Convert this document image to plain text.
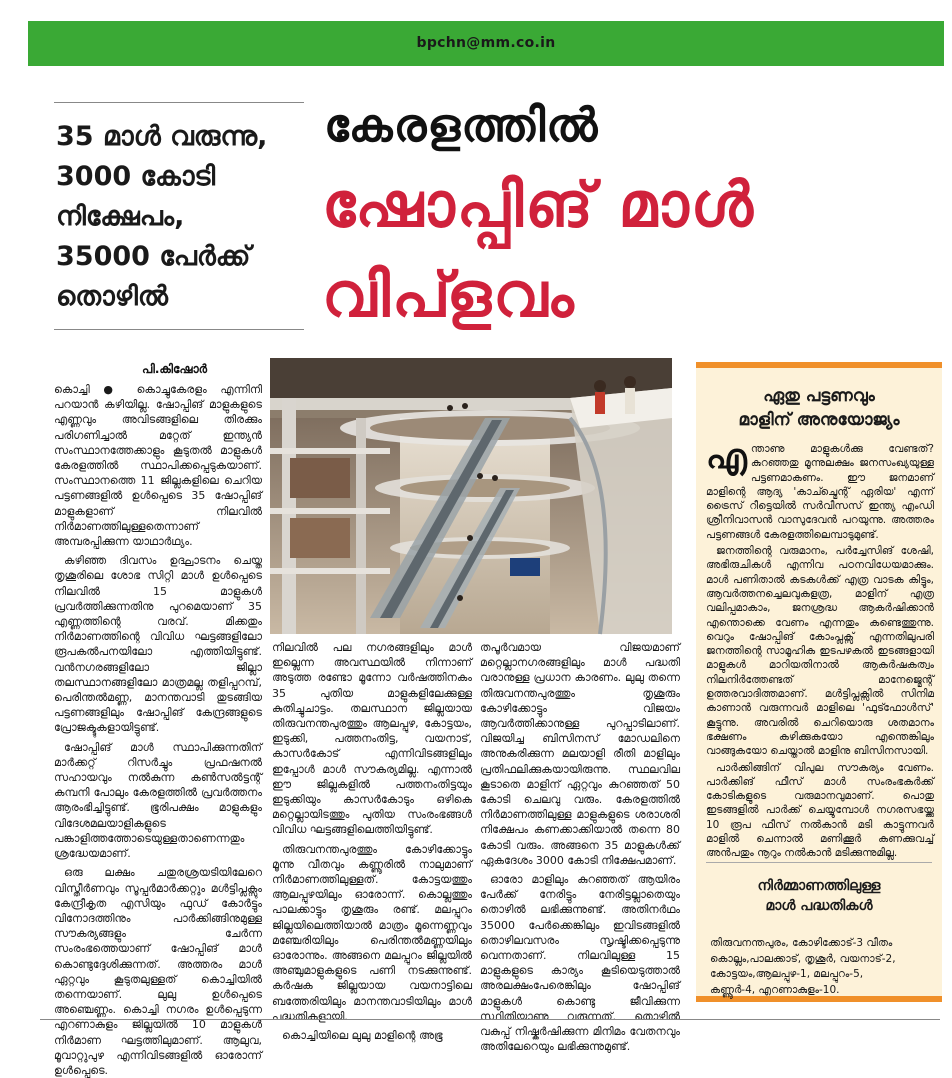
bpchn@mm.co.in
35 മാൾ വരുന്നു,
3000 കോടി
നിക്ഷേപം,
35000 പേർക്ക്
തൊഴിൽ
കേരളത്തിൽ
ഷോപ്പിങ് മാൾ
വിപ്ളവം
പി.കിഷോർ

കൊച്ചി ● കൊച്ചുകേരളം എന്നിനി പറയാൻ കഴിയില്ല. ഷോപ്പിങ് മാളുകളുടെ എണ്ണവും അവിടങ്ങളിലെ തിരക്കും പരിഗണിച്ചാൽ മറ്റേത് ഇന്ത്യൻ സംസ്ഥാനത്തേക്കാളും കൂടുതൽ മാളുകൾ കേരളത്തിൽ സ്ഥാപിക്കപ്പെടുകയാണ്. സംസ്ഥാനത്തെ 11 ജില്ലകളിലെ ചെറിയ പട്ടണങ്ങളിൽ ഉൾപ്പെടെ 35 ഷോപ്പിങ് മാളുകളാണ് നിലവിൽ നിർമാണത്തിലുള്ളതെന്നാണ് അമ്പരപ്പിക്കുന്ന യാഥാർഥ്യം.

കഴിഞ്ഞ ദിവസം ഉദ്ഘാടനം ചെയ്ത തൃശൂരിലെ ശോഭ സിറ്റി മാൾ ഉൾപ്പെടെ നിലവിൽ 15 മാളുകൾ പ്രവർത്തിക്കുന്നതിനു പുറമെയാണ് 35 എണ്ണത്തിന്റെ വരവ്. മിക്കതും നിർമാണത്തിന്റെ വിവിധ ഘട്ടങ്ങളിലോ രൂപകൽപനയിലോ എത്തിയിട്ടുണ്ട്. വൻനഗരങ്ങളിലോ ജില്ലാ തലസ്ഥാനങ്ങളിലോ മാത്രമല്ല തളിപ്പറമ്പ്, പെരിന്തൽമണ്ണ, മാനന്തവാടി തുടങ്ങിയ പട്ടണങ്ങളിലും ഷോപ്പിങ് കേന്ദ്രങ്ങളുടെ പ്രോജക്ടുകളായിട്ടുണ്ട്.

ഷോപ്പിങ് മാൾ സ്ഥാപിക്കുന്നതിന് മാർക്കറ്റ് റിസർച്ചും പ്രഫഷനൽ സഹായവും നൽകുന്ന കൺസൽട്ടന്റ് കമ്പനി പോലും കേരളത്തിൽ പ്രവർത്തനം ആരംഭിച്ചിട്ടുണ്ട്. ഭൂരിപക്ഷം മാളുകളും വിദേശമലയാളികളുടെ പങ്കാളിത്തത്തോടെയുള്ളതാണെന്നതും ശ്രദ്ധേയമാണ്.

ഒരു ലക്ഷം ചതുരശ്രയടിയിലേറെ വിസ്തീർണവും സൂപ്പർമാർക്കറ്റും മൾട്ടിപ്ലക്സും കേന്ദ്രീകൃത എസിയും ഫുഡ് കോർട്ടും വിനോദത്തിനും പാർക്കിങ്ങിനുമുള്ള സൗകര്യങ്ങളും ചേർന്ന സംരംഭത്തെയാണ് ഷോപ്പിങ് മാൾ കൊണ്ടുദ്ദേശിക്കുന്നത്. അത്തരം മാൾ ഏറ്റവും കൂടുതലുള്ളത് കൊച്ചിയിൽ തന്നെയാണ്. ലുലു ഉൾപ്പെടെ അഞ്ചെണ്ണം. കൊച്ചി നഗരം ഉൾപ്പെടുന്ന എറണാകുളം ജില്ലയിൽ 10 മാളുകൾ നിർമാണ ഘട്ടത്തിലുമാണ്. ആലുവ, മൂവാറ്റുപുഴ എന്നിവിടങ്ങളിൽ ഓരോന്ന് ഉൾപ്പെടെ.

നിലവിൽ പല നഗരങ്ങളിലും മാൾ ഇല്ലെന്ന അവസ്ഥയിൽ നിന്നാണ് അടുത്ത രണ്ടോ മൂന്നോ വർഷത്തിനകം 35 പുതിയ മാളുകളിലേക്കുള്ള കുതിച്ചുചാട്ടം. തലസ്ഥാന ജില്ലയായ തിരുവനന്തപുരത്തും ആലപ്പുഴ, കോട്ടയം, ഇടുക്കി, പത്തനംതിട്ട, വയനാട്, കാസർകോട് എന്നിവിടങ്ങളിലും ഇപ്പോൾ മാൾ സൗകര്യമില്ല. എന്നാൽ ഈ ജില്ലകളിൽ പത്തനംതിട്ടയും ഇടുക്കിയും കാസർകോടും ഒഴികെ മറ്റെല്ലായിടത്തും പുതിയ സംരംഭങ്ങൾ വിവിധ ഘട്ടങ്ങളിലെത്തിയിട്ടുണ്ട്.

തിരുവനന്തപുരത്തും കോഴിക്കോട്ടും മൂന്നു വീതവും കണ്ണൂരിൽ നാലുമാണ് നിർമാണത്തിലുള്ളത്. കോട്ടയത്തും ആലപ്പുഴയിലും ഓരോന്ന്. കൊല്ലത്തും പാലക്കാട്ടും തൃശൂരും രണ്ട്. മലപ്പുറം ജില്ലയിലെത്തിയാൽ മാത്രം മൂന്നെണ്ണവും മഞ്ചേരിയിലും പെരിന്തൽമണ്ണയിലും ഓരോന്നും. അങ്ങനെ മലപ്പുറം ജില്ലയിൽ അഞ്ചുമാളുകളുടെ പണി നടക്കുന്നുണ്ട്. കർഷക ജില്ലയായ വയനാട്ടിലെ ബത്തേരിയിലും മാനന്തവാടിയിലും മാൾ പദ്ധതികളായി.

കൊച്ചിയിലെ ലുലു മാളിന്റെ അഭൂ

തപൂർവമായ വിജയമാണ് മറ്റെല്ലാനഗരങ്ങളിലും മാൾ പദ്ധതി വരാനുള്ള പ്രധാന കാരണം. ലുലു തന്നെ തിരുവനന്തപുരത്തും തൃശൂരും കോഴിക്കോട്ടും വിജയം ആവർത്തിക്കാനുള്ള പുറപ്പാടിലാണ്. വിജയിച്ച ബിസിനസ് മോഡലിനെ അനുകരിക്കുന്ന മലയാളി രീതി മാളിലും പ്രതിഫലിക്കുകയായിരുന്നു. സ്ഥലവില കൂടാതെ മാളിന് ഏറ്റവും കുറഞ്ഞത് 50 കോടി ചെലവു വരും. കേരളത്തിൽ നിർമാണത്തിലുള്ള മാളുകളുടെ ശരാശരി നിക്ഷേപം കണക്കാക്കിയാൽ തന്നെ 80 കോടി വരും. അങ്ങനെ 35 മാളുകൾക്ക് ഏകദേശം 3000 കോടി നിക്ഷേപമാണ്.

ഓരോ മാളിലും കുറഞ്ഞത് ആയിരം പേർക്ക് നേരിട്ടും നേരിട്ടല്ലാതെയും തൊഴിൽ ലഭിക്കുന്നുണ്ട്. അതിനർഥം 35000 പേർക്കെങ്കിലും ഇവിടങ്ങളിൽ തൊഴിലവസരം സൃഷ്ടിക്കപ്പെടുന്നു വെന്നതാണ്. നിലവിലുള്ള 15 മാളുകളുടെ കാര്യം കൂടിയെടുത്താൽ അരലക്ഷംപേരെങ്കിലും ഷോപ്പിങ് മാളുകൾ കൊണ്ടു ജീവിക്കുന്ന സ്ഥിതിയാണു വരുന്നത്. തൊഴിൽ വകുപ്പ് നിഷ്കർഷിക്കുന്ന മിനിമം വേതനവും അതിലേറെയും ലഭിക്കുന്നുമുണ്ട്.

ഏതു പട്ടണവും
മാളിന് അനുയോജ്യം

എന്താണു മാളുകൾക്കു വേണ്ടത്? കുറഞ്ഞതു മൂന്നുലക്ഷം ജനസംഖ്യയുള്ള പട്ടണമാകണം. ഈ ജനമാണ് മാളിന്റെ ആദ്യ 'കാച്ച്മെന്റ് ഏരിയ' എന്ന് ട്രൈസ് റീട്ടെയിൽ സർവീസസ് ഇന്ത്യ എംഡി ശ്രീനിവാസൻ വാസുദേവൻ പറയുന്നു. അത്തരം പട്ടണങ്ങൾ കേരളത്തിലെമ്പാടുമുണ്ട്.

ജനത്തിന്റെ വരുമാനം, പർച്ചേസിങ് ശേഷി, അഭിരുചികൾ എന്നിവ പഠനവിധേയമാക്കും. മാൾ പണിതാൽ കടകൾക്ക് എത്ര വാടക കിട്ടും, ആവർത്തനച്ചെലവുകളത്ര, മാളിന് എത്ര വലിപ്പമാകാം, ജനശ്രദ്ധ ആകർഷിക്കാൻ എന്തൊക്കെ വേണം എന്നതും കണ്ടെത്തുന്നു. വെറും ഷോപ്പിങ് കോംപ്ലക്സ് എന്നതിലുപരി ജനത്തിന്റെ സാമൂഹിക ഇടപഴകൽ ഇടങ്ങളായി മാളുകൾ മാറിയതിനാൽ ആകർഷകത്വം നിലനിർത്തേണ്ടത് മാനേജ്മെന്റ് ഉത്തരവാദിത്തമാണ്. മൾട്ടിപ്ലക്സിൽ സിനിമ കാണാൻ വരുന്നവർ മാളിലെ 'ഫുട്ഫോൾസ്' കൂട്ടുന്നു. അവരിൽ ചെറിയൊരു ശതമാനം ഭക്ഷണം കഴിക്കുകയോ എന്തെങ്കിലും വാങ്ങുകയോ ചെയ്താൽ മാളിനു ബിസിനസായി.

പാർക്കിങ്ങിന് വിപുല സൗകര്യം വേണം. പാർക്കിങ് ഫീസ് മാൾ സംരംഭകർക്ക് കോടികളുടെ വരുമാനവുമാണ്. പൊതു ഇടങ്ങളിൽ പാർക്ക് ചെയ്യുമ്പോൾ നഗരസഭയ്ക്കു 10 രൂപ ഫീസ് നൽകാൻ മടി കാട്ടുന്നവർ മാളിൽ ചെന്നാൽ മണിക്കൂർ കണക്കുവച്ച് അൻപതും നൂറും നൽകാൻ മടിക്കുന്നുമില്ല.

നിർമ്മാണത്തിലുള്ള
മാൾ പദ്ധതികൾ
തിരുവനന്തപുരം, കോഴിക്കോട്-3 വീതം
കൊല്ലം,പാലക്കാട്, തൃശൂർ, വയനാട്-2,
കോട്ടയം,ആലപ്പുഴ-1, മലപ്പുറം-5,
കണ്ണൂർ-4, എറണാകുളം-10.
